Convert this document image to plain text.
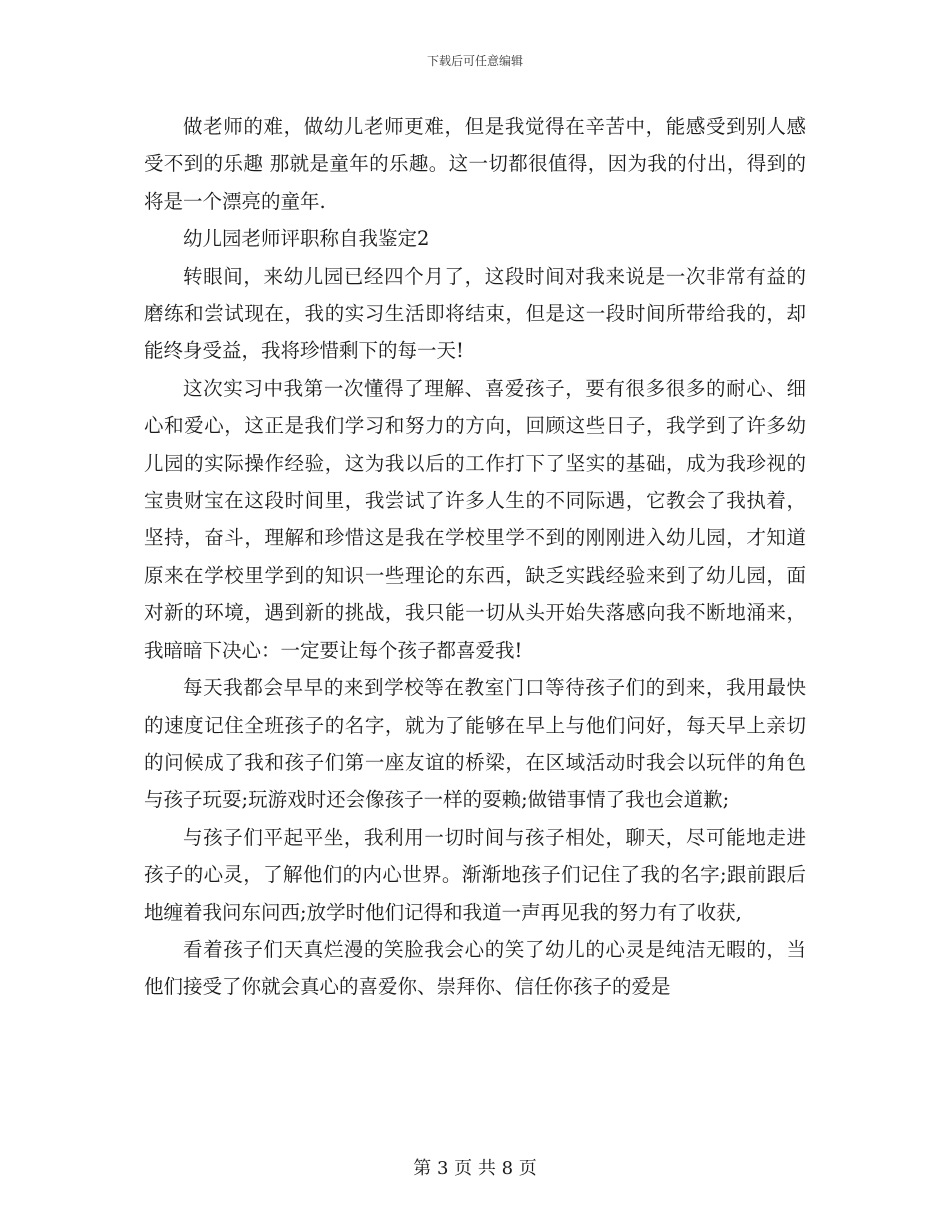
下载后可任意编辑

做老师的难，做幼儿老师更难，但是我觉得在辛苦中，能感受到别人感受不到的乐趣 那就是童年的乐趣。这一切都很值得，因为我的付出，得到的将是一个漂亮的童年.

幼儿园老师评职称自我鉴定2

转眼间，来幼儿园已经四个月了，这段时间对我来说是一次非常有益的磨练和尝试现在，我的实习生活即将结束，但是这一段时间所带给我的，却能终身受益，我将珍惜剩下的每一天!

这次实习中我第一次懂得了理解、喜爱孩子，要有很多很多的耐心、细心和爱心，这正是我们学习和努力的方向，回顾这些日子，我学到了许多幼儿园的实际操作经验，这为我以后的工作打下了坚实的基础，成为我珍视的宝贵财宝在这段时间里，我尝试了许多人生的不同际遇，它教会了我执着，坚持，奋斗，理解和珍惜这是我在学校里学不到的刚刚进入幼儿园，才知道原来在学校里学到的知识一些理论的东西，缺乏实践经验来到了幼儿园，面对新的环境，遇到新的挑战，我只能一切从头开始失落感向我不断地涌来，我暗暗下决心：一定要让每个孩子都喜爱我!

每天我都会早早的来到学校等在教室门口等待孩子们的到来，我用最快的速度记住全班孩子的名字，就为了能够在早上与他们问好，每天早上亲切的问候成了我和孩子们第一座友谊的桥梁，在区域活动时我会以玩伴的角色与孩子玩耍;玩游戏时还会像孩子一样的耍赖;做错事情了我也会道歉;

与孩子们平起平坐，我利用一切时间与孩子相处，聊天，尽可能地走进孩子的心灵，了解他们的内心世界。渐渐地孩子们记住了我的名字;跟前跟后地缠着我问东问西;放学时他们记得和我道一声再见我的努力有了收获,

看着孩子们天真烂漫的笑脸我会心的笑了幼儿的心灵是纯洁无暇的，当他们接受了你就会真心的喜爱你、崇拜你、信任你孩子的爱是

第 3 页 共 8 页
